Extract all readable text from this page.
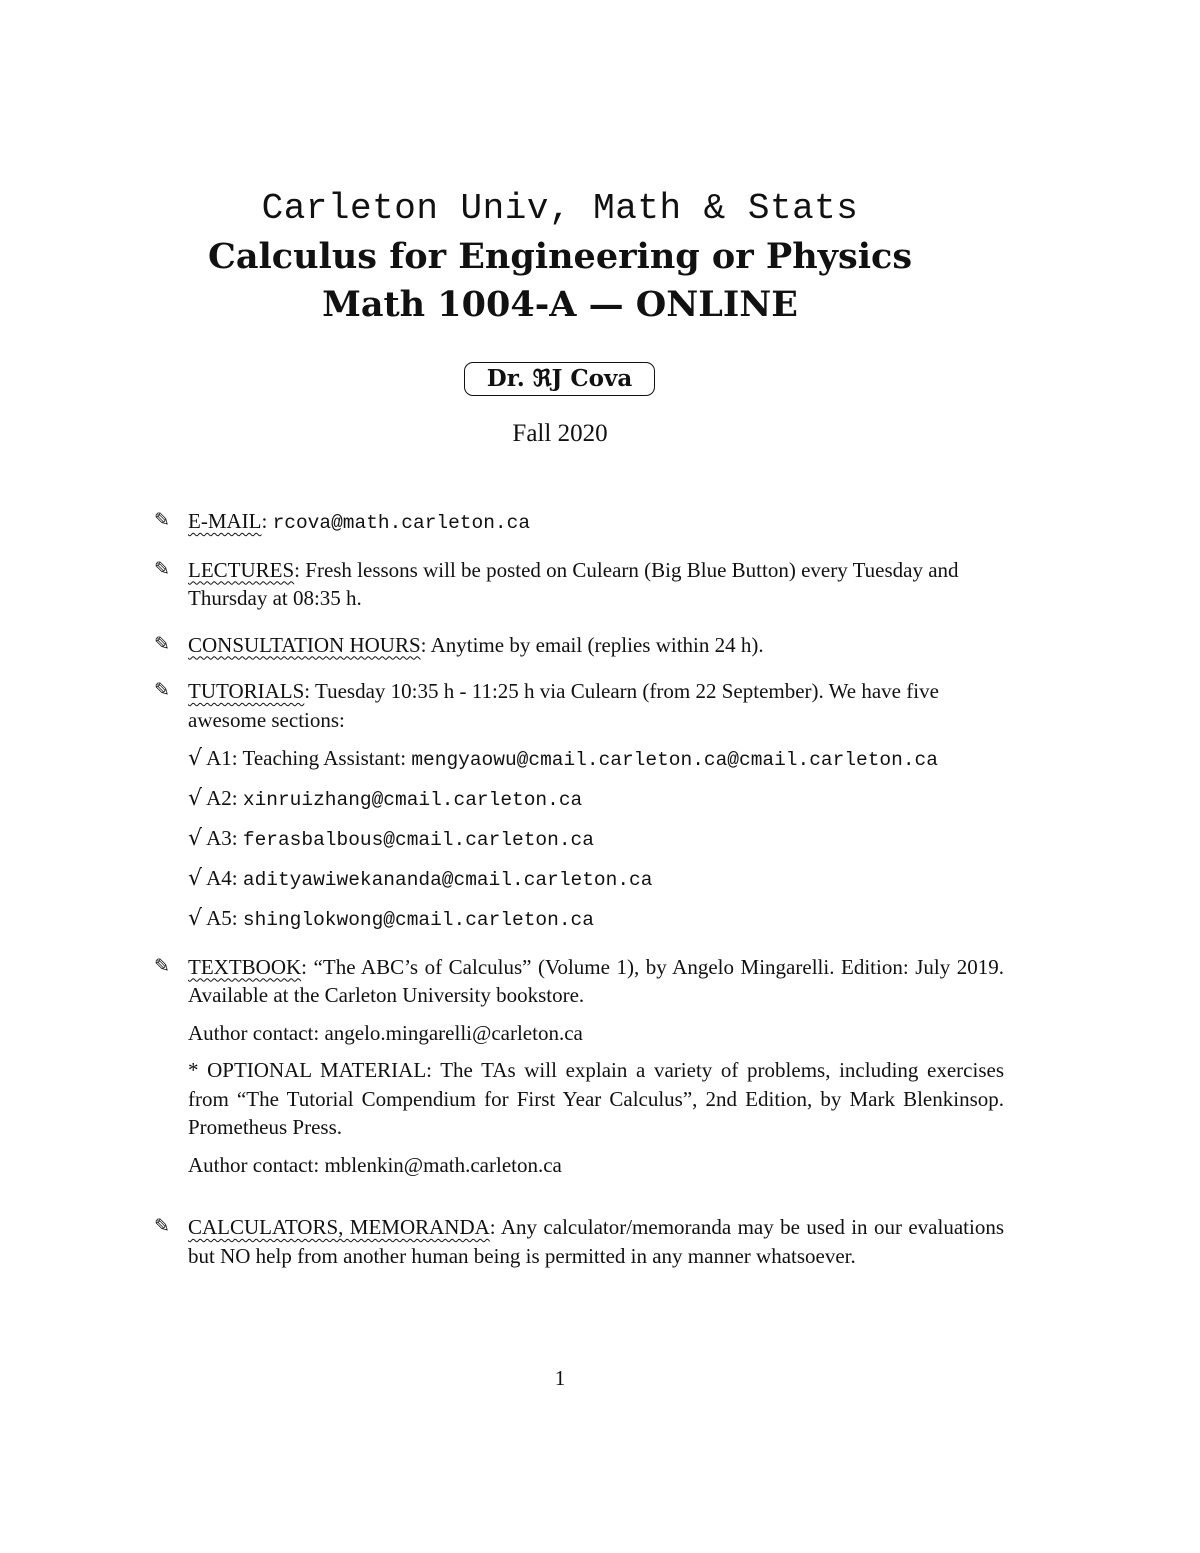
Carleton Univ, Math & Stats
Calculus for Engineering or Physics
Math 1004-A — ONLINE
Dr. ℜJ Cova
Fall 2020
✎ E-MAIL: rcova@math.carleton.ca
✎ LECTURES: Fresh lessons will be posted on Culearn (Big Blue Button) every Tuesday and Thursday at 08:35 h.
✎ CONSULTATION HOURS: Anytime by email (replies within 24 h).
✎ TUTORIALS: Tuesday 10:35 h - 11:25 h via Culearn (from 22 September). We have five awesome sections:
√ A1: Teaching Assistant: mengyaowu@cmail.carleton.ca@cmail.carleton.ca
√ A2: xinruizhang@cmail.carleton.ca
√ A3: ferasbalbous@cmail.carleton.ca
√ A4: adityawiwekananda@cmail.carleton.ca
√ A5: shinglokwong@cmail.carleton.ca
✎ TEXTBOOK: “The ABC’s of Calculus” (Volume 1), by Angelo Mingarelli. Edition: July 2019. Available at the Carleton University bookstore.
Author contact: angelo.mingarelli@carleton.ca
* OPTIONAL MATERIAL: The TAs will explain a variety of problems, including exercises from “The Tutorial Compendium for First Year Calculus”, 2nd Edition, by Mark Blenkinsop. Prometheus Press.
Author contact: mblenkin@math.carleton.ca
✎ CALCULATORS, MEMORANDA: Any calculator/memoranda may be used in our evaluations but NO help from another human being is permitted in any manner whatsoever.
1
